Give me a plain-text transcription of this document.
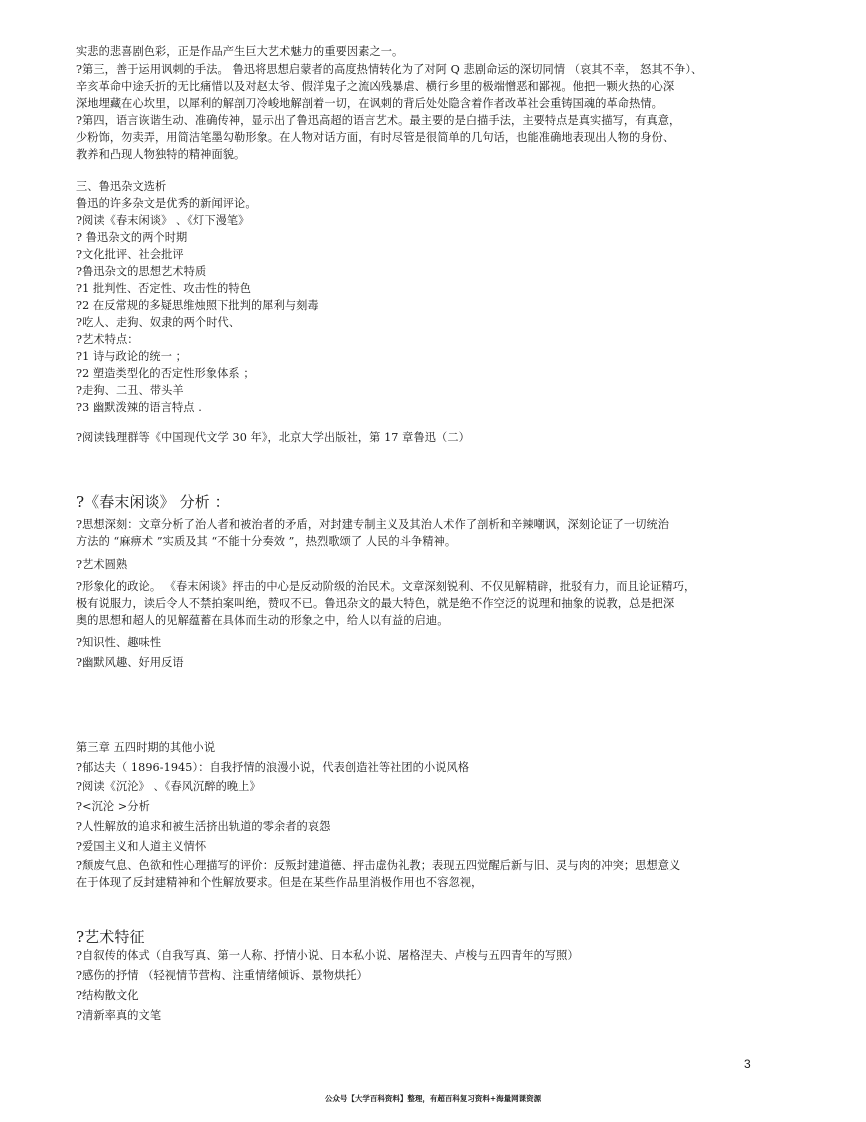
实悲的悲喜剧色彩，正是作品产生巨大艺术魅力的重要因素之一。
?第三，善于运用讽刺的手法。 鲁迅将思想启蒙者的高度热情转化为了对阿 Q 悲剧命运的深切同情 （哀其不幸， 怒其不争）、
辛亥革命中途夭折的无比痛惜以及对赵太爷、假洋鬼子之流凶残暴虐、横行乡里的极端憎恶和鄙视。他把一颗火热的心深
深地埋藏在心坎里，以犀利的解剖刀冷峻地解剖着一切，在讽刺的背后处处隐含着作者改革社会重铸国魂的革命热情。
?第四，语言诙谐生动、准确传神，显示出了鲁迅高超的语言艺术。最主要的是白描手法，主要特点是真实描写，有真意，
少粉饰，勿卖弄，用简洁笔墨勾勒形象。在人物对话方面，有时尽管是很简单的几句话，也能准确地表现出人物的身份、
教养和凸现人物独特的精神面貌。
三、鲁迅杂文选析
鲁迅的许多杂文是优秀的新闻评论。
?阅读《春末闲谈》 、《灯下漫笔》
? 鲁迅杂文的两个时期
?文化批评、社会批评
?鲁迅杂文的思想艺术特质
?1 批判性、否定性、攻击性的特色
?2 在反常规的多疑思维烛照下批判的犀利与刻毒
?吃人、走狗、奴隶的两个时代、
?艺术特点：
?1 诗与政论的统一 ；
?2 塑造类型化的否定性形象体系 ；
?走狗、二丑、带头羊
?3 幽默泼辣的语言特点 .
?阅读钱理群等《中国现代文学 30 年》，北京大学出版社，第 17 章鲁迅（二）
?《春末闲谈》 分析 ：
?思想深刻：文章分析了治人者和被治者的矛盾，对封建专制主义及其治人术作了剖析和辛辣嘲讽，深刻论证了一切统治
方法的 “麻痹术 ”实质及其 “不能十分奏效 ”，热烈歌颂了 人民的斗争精神。
?艺术圆熟
?形象化的政论。 《春末闲谈》抨击的中心是反动阶级的治民术。文章深刻锐利、不仅见解精辟，批驳有力，而且论证精巧，
极有说服力，读后令人不禁拍案叫绝，赞叹不已。鲁迅杂文的最大特色，就是绝不作空泛的说理和抽象的说教，总是把深
奥的思想和超人的见解蕴蓄在具体而生动的形象之中，给人以有益的启迪。
?知识性、趣味性
?幽默风趣、好用反语
第三章 五四时期的其他小说
?郁达夫（ 1896-1945）：自我抒情的浪漫小说，代表创造社等社团的小说风格
?阅读《沉沦》 、《春风沉醉的晚上》
?<沉沦 >分析
?人性解放的追求和被生活挤出轨道的零余者的哀怨
?爱国主义和人道主义情怀
?颓废气息、色欲和性心理描写的评价：反叛封建道德、抨击虚伪礼教；表现五四觉醒后新与旧、灵与肉的冲突；思想意义
在于体现了反封建精神和个性解放要求。但是在某些作品里消极作用也不容忽视，
?艺术特征
?自叙传的体式（自我写真、第一人称、抒情小说、日本私小说、屠格涅夫、卢梭与五四青年的写照）
?感伤的抒情 （轻视情节营构、注重情绪倾诉、景物烘托）
?结构散文化
?清新率真的文笔
3
公众号【大学百科资料】整理，有超百科复习资料+海量网课资源
